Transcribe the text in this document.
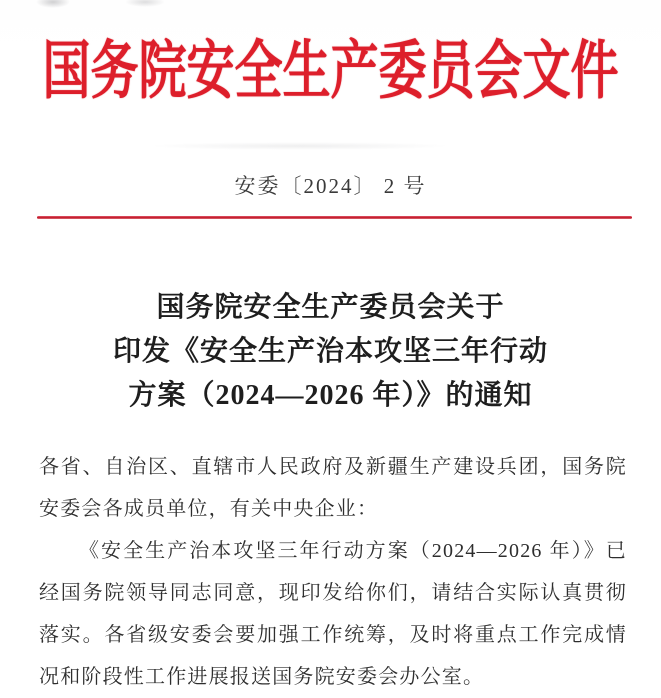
国务院安全生产委员会文件
安委〔2024〕 2 号
国务院安全生产委员会关于
印发《安全生产治本攻坚三年行动
方案（2024—2026 年）》的通知

各省、自治区、直辖市人民政府及新疆生产建设兵团，国务院安委会各成员单位，有关中央企业：

《安全生产治本攻坚三年行动方案（2024—2026 年）》已经国务院领导同志同意，现印发给你们，请结合实际认真贯彻落实。各省级安委会要加强工作统筹，及时将重点工作完成情况和阶段性工作进展报送国务院安委会办公室。
